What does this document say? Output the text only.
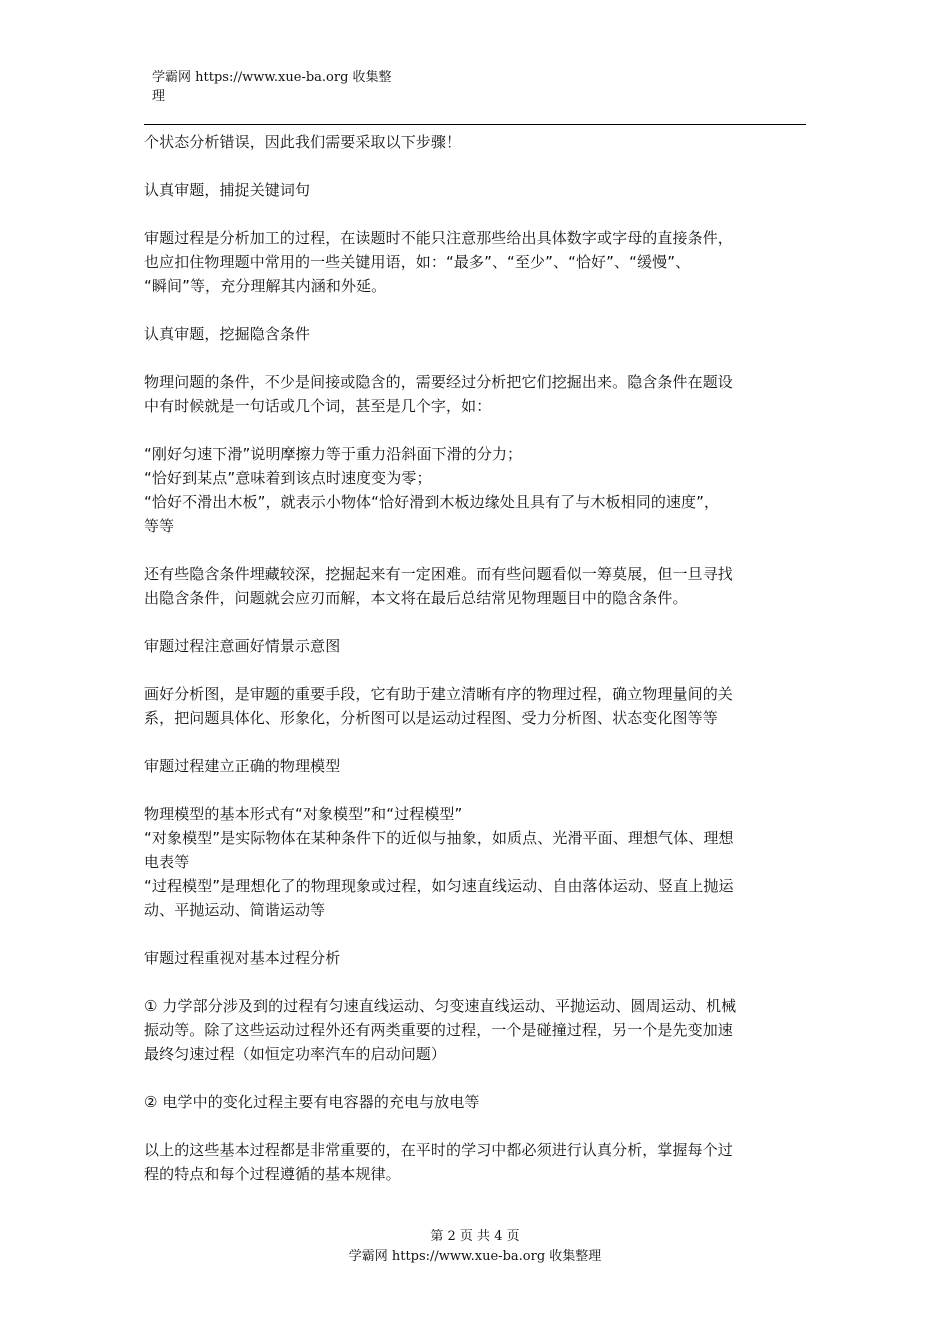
学霸网 https://www.xue-ba.org 收集整
理
个状态分析错误，因此我们需要采取以下步骤！
认真审题，捕捉关键词句
审题过程是分析加工的过程，在读题时不能只注意那些给出具体数字或字母的直接条件，
也应扣住物理题中常用的一些关键用语，如：“最多”、“至少”、“恰好”、“缓慢”、
“瞬间”等，充分理解其内涵和外延。
认真审题，挖掘隐含条件
物理问题的条件，不少是间接或隐含的，需要经过分析把它们挖掘出来。隐含条件在题设
中有时候就是一句话或几个词，甚至是几个字，如：
“刚好匀速下滑”说明摩擦力等于重力沿斜面下滑的分力；
“恰好到某点”意味着到该点时速度变为零；
“恰好不滑出木板”，就表示小物体“恰好滑到木板边缘处且具有了与木板相同的速度”，
等等
还有些隐含条件埋藏较深，挖掘起来有一定困难。而有些问题看似一筹莫展，但一旦寻找
出隐含条件，问题就会应刃而解，本文将在最后总结常见物理题目中的隐含条件。
审题过程注意画好情景示意图
画好分析图，是审题的重要手段，它有助于建立清晰有序的物理过程，确立物理量间的关
系，把问题具体化、形象化，分析图可以是运动过程图、受力分析图、状态变化图等等
审题过程建立正确的物理模型
物理模型的基本形式有“对象模型”和“过程模型”
“对象模型”是实际物体在某种条件下的近似与抽象，如质点、光滑平面、理想气体、理想
电表等
“过程模型”是理想化了的物理现象或过程，如匀速直线运动、自由落体运动、竖直上抛运
动、平抛运动、简谐运动等
审题过程重视对基本过程分析
① 力学部分涉及到的过程有匀速直线运动、匀变速直线运动、平抛运动、圆周运动、机械
振动等。除了这些运动过程外还有两类重要的过程，一个是碰撞过程，另一个是先变加速
最终匀速过程（如恒定功率汽车的启动问题）
② 电学中的变化过程主要有电容器的充电与放电等
以上的这些基本过程都是非常重要的，在平时的学习中都必须进行认真分析，掌握每个过
程的特点和每个过程遵循的基本规律。
第 2 页 共 4 页
学霸网 https://www.xue-ba.org 收集整理
